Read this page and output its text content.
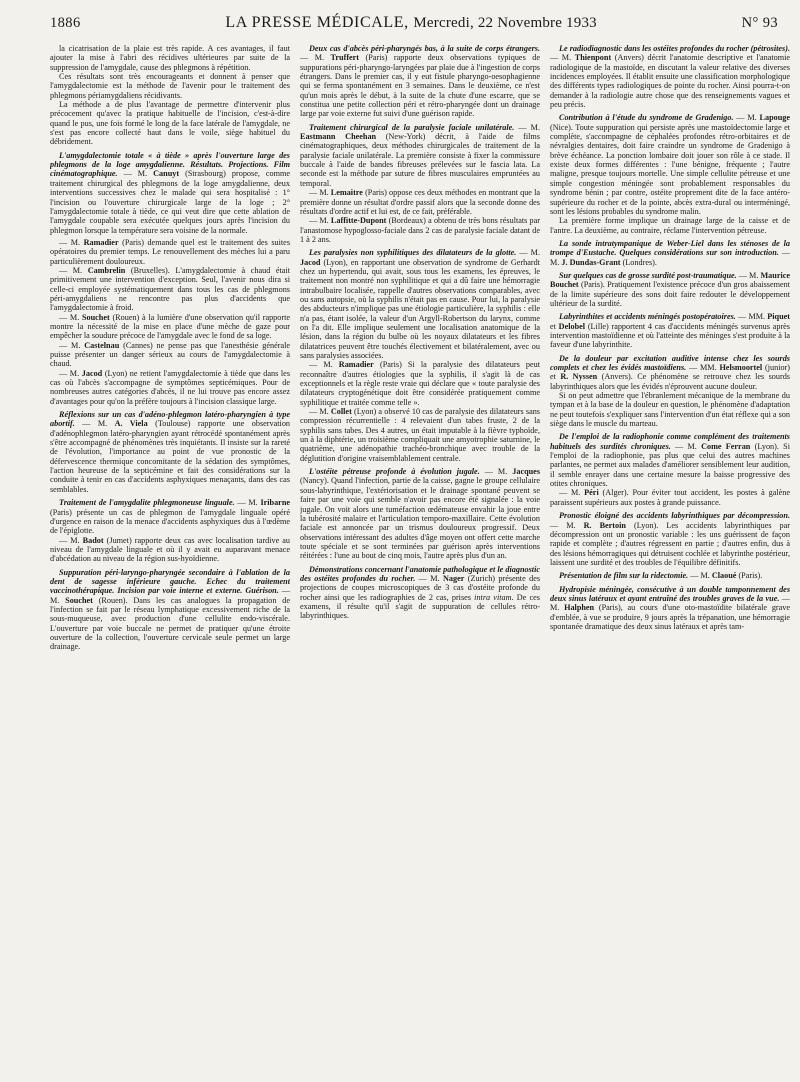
1886	LA PRESSE MÉDICALE, Mercredi, 22 Novembre 1933	N° 93
la cicatrisation de la plaie est très rapide. A ces avantages, il faut ajouter la mise à l'abri des récidives ultérieures par suite de la suppression de l'amygdale, cause des phlegmons à répétition.
Ces résultats sont très encourageants et donnent à penser que l'amygdalectomie est la méthode de l'avenir pour le traitement des phlegmons périamygdaliens récidivants.
La méthode a de plus l'avantage de permettre d'intervenir plus précocement qu'avec la pratique habituelle de l'incision, c'est-à-dire quand le pus, une fois formé le long de la face latérale de l'amygdale, ne s'est pas encore collecté haut dans le voile, siège habituel du débridement.
L'amygdalectomie totale « à tiède » après l'ouverture large des phlegmons de la loge amygdalienne. Résultats. Projections. Film cinématographique. — M. Canuyt (Strasbourg) propose, comme traitement chirurgical des phlegmons de la loge amygdalienne, deux interventions successives chez le malade qui sera hospitalisé : 1° l'incision ou l'ouverture chirurgicale large de la loge ; 2° l'amygdalectomie totale à tiède, ce qui veut dire que cette ablation de l'amygdale coupable sera exécutée quelques jours après l'incision du phlegmon lorsque la température sera voisine de la normale.
— M. Ramadier (Paris) demande quel est le traitement des suites opératoires du premier temps. Le renouvellement des mèches lui a paru particulièrement douloureux.
— M. Cambrelin (Bruxelles). L'amygdalectomie à chaud était primitivement une intervention d'exception. Seul, l'avenir nous dira si celle-ci employée systématiquement dans tous les cas de phlegmons péri-amygdaliens ne rencontre pas plus d'accidents que l'amygdalectomie à froid.
— M. Souchet (Rouen) à la lumière d'une observation qu'il rapporte montre la nécessité de la mise en place d'une mèche de gaze pour empêcher la soudure précoce de l'amygdale avec le fond de sa loge.
— M. Castelnau (Cannes) ne pense pas que l'anesthésie générale puisse présenter un danger sérieux au cours de l'amygdalectomie à chaud.
— M. Jacod (Lyon) ne retient l'amygdalectomie à tiède que dans les cas où l'abcès s'accompagne de symptômes septicémiques. Pour de nombreuses autres catégories d'abcès, il ne lui trouve pas encore assez d'avantages pour qu'on la préfère toujours à l'incision classique large.
Réflexions sur un cas d'adéno-phlegmon latéro-pharyngien à type abortif. — M. A. Viela (Toulouse) rapporte une observation d'adénophlegmon latéro-pharyngien ayant rétrocédé spontanément après s'être accompagné de phénomènes très inquiétants. Il insiste sur la rareté de l'évolution, l'importance au point de vue pronostic de la défervescence thermique concomitante de la sédation des symptômes, l'action heureuse de la septicémine et fait des considérations sur la conduite à tenir en cas d'accidents asphyxiques menaçants, dans des cas semblables.
Traitement de l'amygdalite phlegmoneuse linguale. — M. Iribarne (Paris) présente un cas de phlegmon de l'amygdale linguale opéré d'urgence en raison de la menace d'accidents asphyxiques dus à l'œdème de l'épiglotte.
— M. Badot (Jumet) rapporte deux cas avec localisation tardive au niveau de l'amygdale linguale et où il y avait eu auparavant menace d'abcédation au niveau de la région sus-hyoïdienne.
Suppuration péri-laryngo-pharyngée secondaire à l'ablation de la dent de sagesse inférieure gauche. Echec du traitement vaccinothérapique. Incision par voie interne et externe. Guérison. — M. Souchet (Rouen). Dans les cas analogues la propagation de l'infection se fait par le réseau lymphatique excessivement riche de la sous-muqueuse, avec production d'une cellulite endo-viscérale. L'ouverture par voie buccale ne permet de pratiquer qu'une étroite ouverture de la collection, l'ouverture cervicale seule permet un large drainage.
Deux cas d'abcès péri-pharyngés bas, à la suite de corps étrangers. — M. Truffert (Paris) rapporte deux observations typiques de suppurations péri-pharyngo-laryngées par plaie due à l'ingestion de corps étrangers. Dans le premier cas, il y eut fistule pharyngo-oesophagienne qui se ferma spontanément en 3 semaines. Dans le deuxième, ce n'est qu'un mois après le début, à la suite de la chute d'une escarre, que se constitua une petite collection péri et rétro-pharyngée dont un drainage large par voie externe fut suivi d'une guérison rapide.
Traitement chirurgical de la paralysie faciale unilatérale. — M. Eastmann Cheehan (New-York) décrit, à l'aide de films cinématographiques, deux méthodes chirurgicales de traitement de la paralysie faciale unilatérale. La première consiste à fixer la commissure buccale à l'aide de bandes fibreuses prélevées sur le fascia lata. La seconde est la méthode par suture de fibres musculaires empruntées au temporal.
— M. Lemaitre (Paris) oppose ces deux méthodes en montrant que la première donne un résultat d'ordre passif alors que la seconde donne des résultats d'ordre actif et lui est, de ce fait, préférable.
— M. Laffitte-Dupont (Bordeaux) a obtenu de très bons résultats par l'anastomose hypoglosso-faciale dans 2 cas de paralysie faciale datant de 1 à 2 ans.
Les paralysies non syphilitiques des dilatateurs de la glotte. — M. Jacod (Lyon), en rapportant une observation de syndrome de Gerhardt chez un hypertendu, qui avait, sous tous les examens, les épreuves, le traitement non montré non syphilitique et qui a dû faire une hémorragie intrabulbaire localisée, rappelle d'autres observations comparables, avec ou sans autopsie, où la syphilis n'était pas en cause. Pour lui, la paralysie des abducteurs n'implique pas une étiologie particulière, la syphilis : elle n'a pas, étant isolée, la valeur d'un Argyll-Robertson du larynx, comme on l'a dit. Elle implique seulement une localisation anatomique de la lésion, dans la région du bulbe où les noyaux dilatateurs et les fibres dilatatrices peuvent être touchés électivement et bilatéralement, avec ou sans paralysies associées.
— M. Ramadier (Paris) Si la paralysie des dilatateurs peut reconnaître d'autres étiologies que la syphilis, il s'agit là de cas exceptionnels et la règle reste vraie qui déclare que « toute paralysie des dilatateurs cryptogénétique doit être considérée pratiquement comme syphilitique et traitée comme telle ».
— M. Collet (Lyon) a observé 10 cas de paralysie des dilatateurs sans compression récurrentielle : 4 relevaient d'un tabes fruste, 2 de la syphilis sans tabes. Des 4 autres, un était imputable à la fièvre typhoïde, un à la diphtérie, un troisième compliquait une amyotrophie saturnine, le quatrième, une adénopathie trachéo-bronchique avec trouble de la déglutition d'origine vraisemblablement centrale.
L'ostéite pétreuse profonde à évolution jugale. — M. Jacques (Nancy). Quand l'infection, partie de la caisse, gagne le groupe cellulaire sous-labyrinthique, l'extériorisation et le drainage spontané peuvent se faire par une voie qui semble n'avoir pas encore été signalée : la voie jugale. On voit alors une tuméfaction œdémateuse envahir la joue entre la tubérosité malaire et l'articulation temporo-maxillaire. Cette évolution faciale est annoncée par un trismus douloureux progressif. Deux observations intéressant des adultes d'âge moyen ont offert cette marche toute spéciale et se sont terminées par guérison après interventions réitérées : l'une au bout de cinq mois, l'autre après plus d'un an.
Démonstrations concernant l'anatomie pathologique et le diagnostic des ostéites profondes du rocher. — M. Nager (Zurich) présente des projections de coupes microscopiques de 3 cas d'ostéite profonde du rocher ainsi que les radiographies de 2 cas, prises intra vitam. De ces examens, il résulte qu'il s'agit de suppuration de cellules rétro-labyrinthiques.
Le radiodiagnostic dans les ostéites profondes du rocher (pétrosites). — M. Thienpont (Anvers) décrit l'anatomie descriptive et l'anatomie radiologique de la mastoïde, en discutant la valeur relative des diverses incidences employées. Il établit ensuite une classification morphologique des différents types radiologiques de pointe du rocher. Ainsi pourra-t-on demander à la radiologie autre chose que des renseignements vagues et peu précis.
Contribution à l'étude du syndrome de Gradenigo. — M. Lapouge (Nice). Toute suppuration qui persiste après une mastoïdectomie large et complète, s'accompagne de céphalées profondes rétro-orbitaires et de névralgies dentaires, doit faire craindre un syndrome de Gradenigo à brève échéance. La ponction lombaire doit jouer son rôle à ce stade. Il existe deux formes différentes : l'une bénigne, fréquente ; l'autre maligne, presque toujours mortelle. Une simple cellulite pétreuse et une simple congestion méningée sont probablement responsables du syndrome bénin ; par contre, ostéite proprement dite de la face antéro-supérieure du rocher et de la pointe, abcès extra-dural ou interméningé, sont les lésions probables du syndrome malin.
La première forme implique un drainage large de la caisse et de l'antre. La deuxième, au contraire, réclame l'intervention pétreuse.
La sonde intratympanique de Weber-Liel dans les sténoses de la trompe d'Eustache. Quelques considérations sur son introduction. — M. J. Dundas-Grant (Londres).
Sur quelques cas de grosse surdité post-traumatique. — M. Maurice Bouchet (Paris). Pratiquement l'existence précoce d'un gros abaissement de la limite supérieure des sons doit faire redouter le développement ultérieur de la surdité.
Labyrinthites et accidents méningés postopératoires. — MM. Piquet et Delobel (Lille) rapportent 4 cas d'accidents méningés survenus après intervention mastoïdienne et où l'atteinte des méninges s'est produite à la faveur d'une labyrinthite.
De la douleur par excitation auditive intense chez les sourds complets et chez les évidés mastoïdiens. — MM. Helsmoortel (junior) et R. Nyssen (Anvers). Ce phénomène se retrouve chez les sourds labyrinthiques alors que les évidés n'éprouvent aucune douleur.
Si on peut admettre que l'ébranlement mécanique de la membrane du tympan et à la base de la douleur en question, le phénomène d'adaptation ne peut toutefois s'expliquer sans l'intervention d'un état réflexe qui a son siège dans le muscle du marteau.
De l'emploi de la radiophonie comme complément des traitements habituels des surdités chroniques. — M. Come Ferran (Lyon). Si l'emploi de la radiophonie, pas plus que celui des autres machines parlantes, ne permet aux malades d'améliorer sensiblement leur audition, il semble enrayer dans une certaine mesure la baisse progressive des otites chroniques.
— M. Péri (Alger). Pour éviter tout accident, les postes à galène paraissent supérieurs aux postes à grande puissance.
Pronostic éloigné des accidents labyrinthiques par décompression. — M. R. Bertoin (Lyon). Les accidents labyrinthiques par décompression ont un pronostic variable : les uns guérissent de façon rapide et complète ; d'autres régressent en partie ; d'autres enfin, dus à des lésions hémorragiques qui détruisent cochlée et labyrinthe postérieur, laissent une surdité et des troubles de l'équilibre définitifs.
Présentation de film sur la ridectomie. — M. Claoué (Paris).
Hydropisie méningée, consécutive à un double tamponnement des deux sinus latéraux et ayant entraîné des troubles graves de la vue. — M. Halphen (Paris), au cours d'une oto-mastoïdite bilatérale grave d'emblée, à vue se produire, 9 jours après la trépanation, une hémorragie spontanée dramatique des deux sinus latéraux et après tam-
